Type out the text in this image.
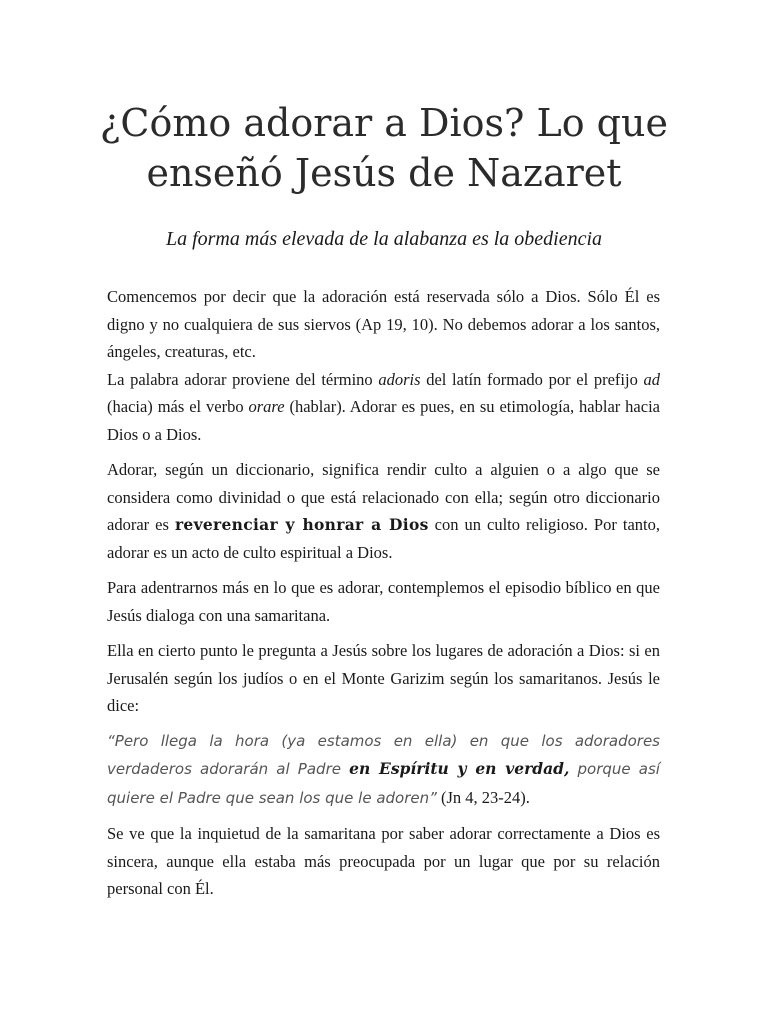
¿Cómo adorar a Dios? Lo que
enseñó Jesús de Nazaret

La forma más elevada de la alabanza es la obediencia

Comencemos por decir que la adoración está reservada sólo a Dios. Sólo Él es digno y no cualquiera de sus siervos (Ap 19, 10). No debemos adorar a los santos, ángeles, creaturas, etc.

La palabra adorar proviene del término adoris del latín formado por el prefijo ad (hacia) más el verbo orare (hablar). Adorar es pues, en su etimología, hablar hacia Dios o a Dios.

Adorar, según un diccionario, significa rendir culto a alguien o a algo que se considera como divinidad o que está relacionado con ella; según otro diccionario adorar es reverenciar y honrar a Dios con un culto religioso. Por tanto, adorar es un acto de culto espiritual a Dios.

Para adentrarnos más en lo que es adorar, contemplemos el episodio bíblico en que Jesús dialoga con una samaritana.

Ella en cierto punto le pregunta a Jesús sobre los lugares de adoración a Dios: si en Jerusalén según los judíos o en el Monte Garizim según los samaritanos. Jesús le dice:

“Pero llega la hora (ya estamos en ella) en que los adoradores verdaderos adorarán al Padre en Espíritu y en verdad, porque así quiere el Padre que sean los que le adoren” (Jn 4, 23-24).

Se ve que la inquietud de la samaritana por saber adorar correctamente a Dios es sincera, aunque ella estaba más preocupada por un lugar que por su relación personal con Él.
